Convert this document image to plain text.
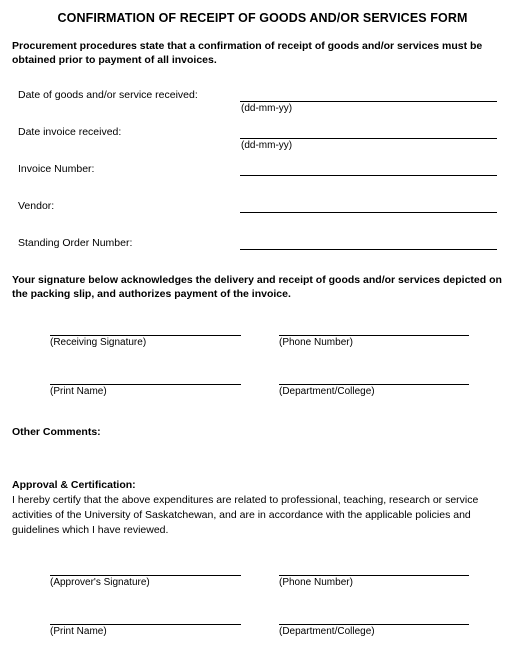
CONFIRMATION OF RECEIPT OF GOODS AND/OR SERVICES FORM
Procurement procedures state that a confirmation of receipt of goods and/or services must be obtained prior to payment of all invoices.
Date of goods and/or service received:
(dd-mm-yy)
Date invoice received:
(dd-mm-yy)
Invoice Number:
Vendor:
Standing Order Number:
Your signature below acknowledges the delivery and receipt of goods and/or services depicted on the packing slip, and authorizes payment of the invoice.
(Receiving Signature)	(Phone Number)
(Print Name)	(Department/College)
Other Comments:
Approval & Certification:
I hereby certify that the above expenditures are related to professional, teaching, research or service activities of the University of Saskatchewan, and are in accordance with the applicable policies and guidelines which I have reviewed.
(Approver's Signature)	(Phone Number)
(Print Name)	(Department/College)
